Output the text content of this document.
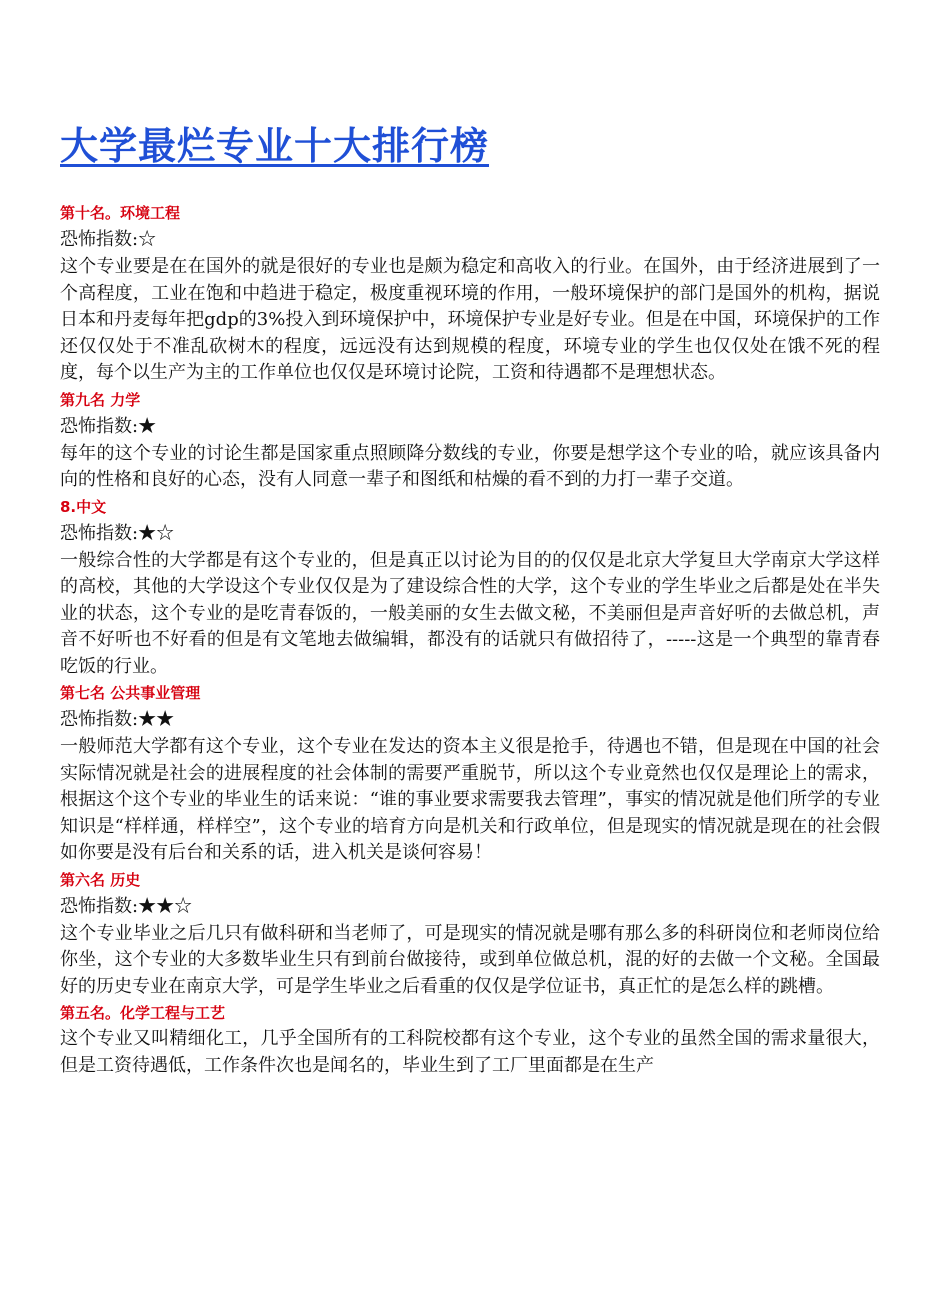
大学最烂专业十大排行榜

第十名。环境工程

恐怖指数:☆

这个专业要是在在国外的就是很好的专业也是颇为稳定和高收入的行业。在国外，由于经济进展到了一个高程度，工业在饱和中趋进于稳定，极度重视环境的作用，一般环境保护的部门是国外的机构，据说日本和丹麦每年把gdp的3%投入到环境保护中，环境保护专业是好专业。但是在中国，环境保护的工作还仅仅处于不准乱砍树木的程度，远远没有达到规模的程度，环境专业的学生也仅仅处在饿不死的程度，每个以生产为主的工作单位也仅仅是环境讨论院，工资和待遇都不是理想状态。

第九名 力学

恐怖指数:★

每年的这个专业的讨论生都是国家重点照顾降分数线的专业，你要是想学这个专业的哈，就应该具备内向的性格和良好的心态，没有人同意一辈子和图纸和枯燥的看不到的力打一辈子交道。

8.中文

恐怖指数:★☆

一般综合性的大学都是有这个专业的，但是真正以讨论为目的的仅仅是北京大学复旦大学南京大学这样的高校，其他的大学设这个专业仅仅是为了建设综合性的大学，这个专业的学生毕业之后都是处在半失业的状态，这个专业的是吃青春饭的，一般美丽的女生去做文秘，不美丽但是声音好听的去做总机，声音不好听也不好看的但是有文笔地去做编辑，都没有的话就只有做招待了，-----这是一个典型的靠青春吃饭的行业。

第七名 公共事业管理

恐怖指数:★★

一般师范大学都有这个专业，这个专业在发达的资本主义很是抢手，待遇也不错，但是现在中国的社会实际情况就是社会的进展程度的社会体制的需要严重脱节，所以这个专业竟然也仅仅是理论上的需求，根据这个这个专业的毕业生的话来说：“谁的事业要求需要我去管理”，事实的情况就是他们所学的专业知识是“样样通，样样空”，这个专业的培育方向是机关和行政单位，但是现实的情况就是现在的社会假如你要是没有后台和关系的话，进入机关是谈何容易！

第六名 历史

恐怖指数:★★☆

这个专业毕业之后几只有做科研和当老师了，可是现实的情况就是哪有那么多的科研岗位和老师岗位给你坐，这个专业的大多数毕业生只有到前台做接待，或到单位做总机，混的好的去做一个文秘。全国最好的历史专业在南京大学，可是学生毕业之后看重的仅仅是学位证书，真正忙的是怎么样的跳槽。

第五名。化学工程与工艺

这个专业又叫精细化工，几乎全国所有的工科院校都有这个专业，这个专业的虽然全国的需求量很大，但是工资待遇低，工作条件次也是闻名的，毕业生到了工厂里面都是在生产
